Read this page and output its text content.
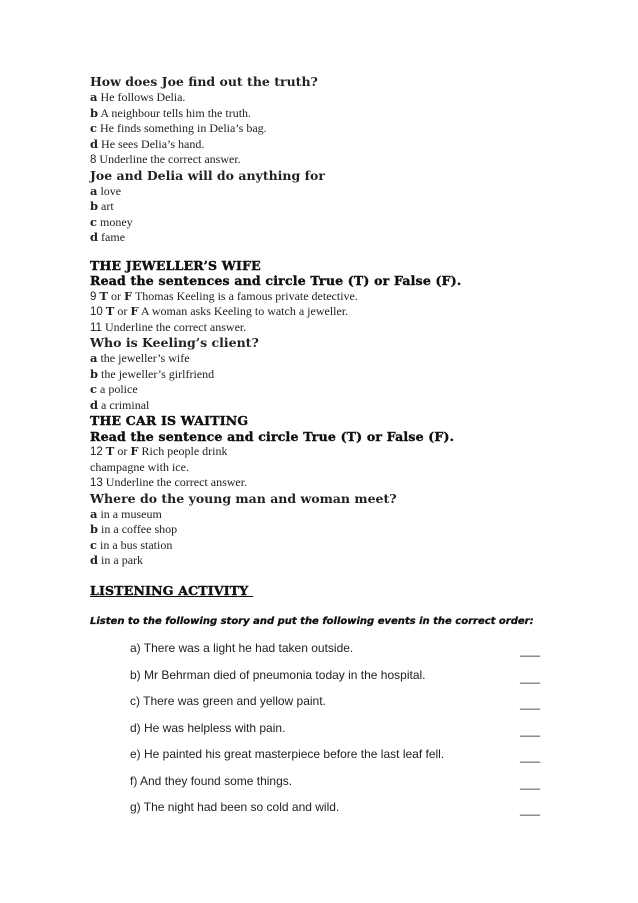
How does Joe find out the truth?
a He follows Delia.
b A neighbour tells him the truth.
c He finds something in Delia’s bag.
d He sees Delia’s hand.
8 Underline the correct answer.
Joe and Delia will do anything for
a love
b art
c money
d fame
THE JEWELLER’S WIFE
Read the sentences and circle True (T) or False (F).
9 T or F Thomas Keeling is a famous private detective.
10 T or F A woman asks Keeling to watch a jeweller.
11 Underline the correct answer.
Who is Keeling’s client?
a the jeweller’s wife
b the jeweller’s girlfriend
c a police
d a criminal
THE CAR IS WAITING
Read the sentence and circle True (T) or False (F).
12 T or F Rich people drink
champagne with ice.
13 Underline the correct answer.
Where do the young man and woman meet?
a in a museum
b in a coffee shop
c in a bus station
d in a park
LISTENING ACTIVITY
Listen to the following story and put the following events in the correct order:
a) There was a light he had taken outside.	___
b) Mr Behrman died of pneumonia today in the hospital.	___
c) There was green and yellow paint.	___
d) He was helpless with pain.	___
e) He painted his great masterpiece before the last leaf fell.	___
f) And they found some things.	___
g) The night had been so cold and wild.	___
